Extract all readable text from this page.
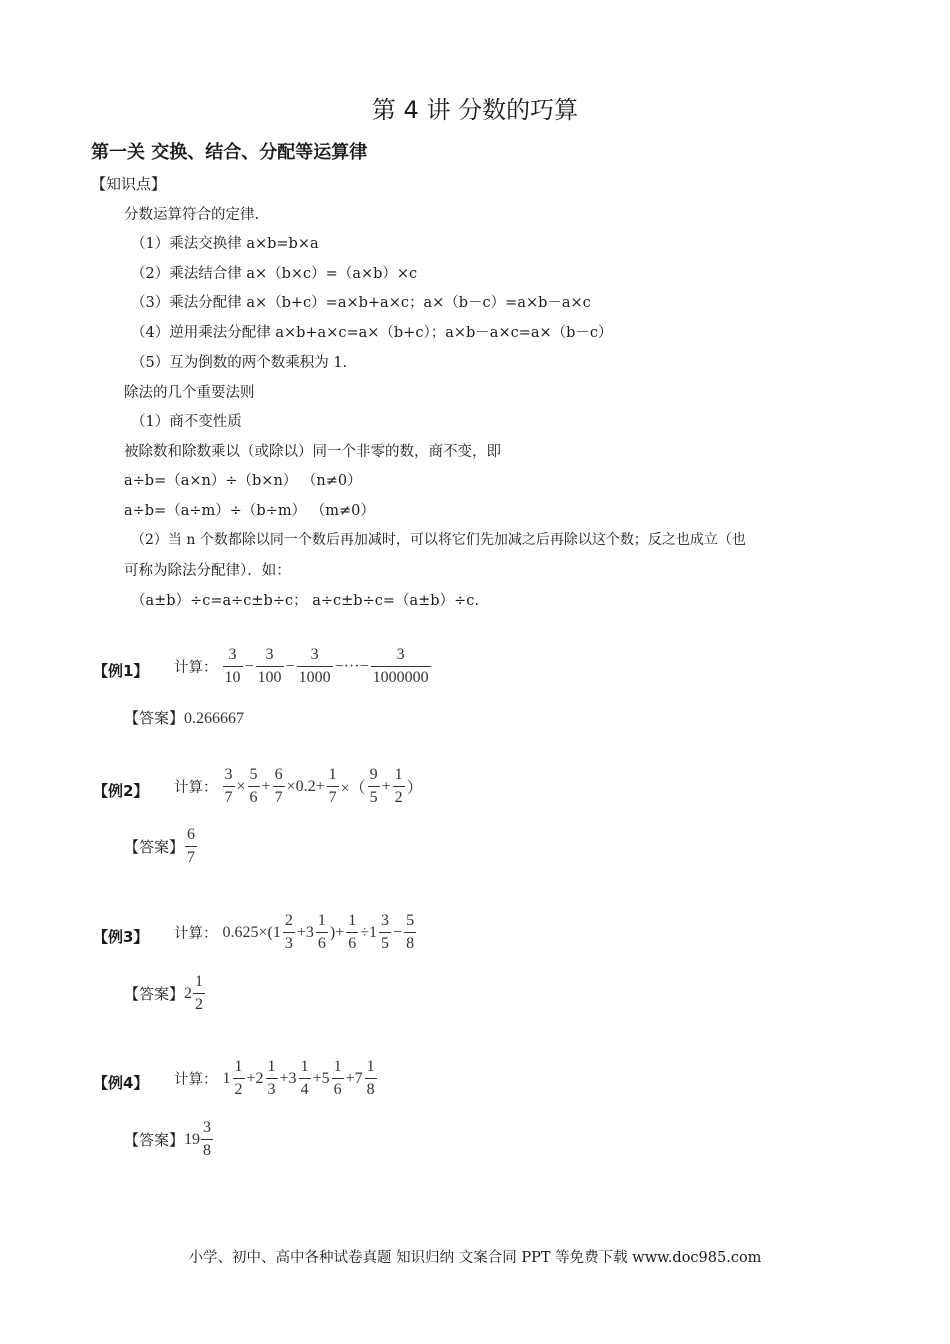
第 4 讲 分数的巧算
第一关 交换、结合、分配等运算律
【知识点】
分数运算符合的定律.
（1）乘法交换律 a×b=b×a
（2）乘法结合律 a×（b×c）=（a×b）×c
（3）乘法分配律 a×（b+c）=a×b+a×c；a×（b－c）=a×b－a×c
（4）逆用乘法分配律 a×b+a×c=a×（b+c）；a×b－a×c=a×（b－c）
（5）互为倒数的两个数乘积为 1.
除法的几个重要法则
（1）商不变性质
被除数和除数乘以（或除以）同一个非零的数，商不变，即
a÷b=（a×n）÷（b×n） （n≠0）
a÷b=（a÷m）÷（b÷m） （m≠0）
（2）当 n 个数都除以同一个数后再加减时，可以将它们先加减之后再除以这个数；反之也成立（也
可称为除法分配律）．如：
（a±b）÷c=a÷c±b÷c； a÷c±b÷c=（a±b）÷c.
【例1】 计算： $\frac{3}{10} - \frac{3}{100} - \frac{3}{1000}$ −···− $\frac{3}{1000000}$
【答案】0.266667
【例2】 计算： $\frac{3}{7} \times \frac{5}{6} + \frac{6}{7} \times 0.2+ \frac{1}{7}$ ×（ $\frac{9}{5} + \frac{1}{2}$ ）
【答案】 $\frac{6}{7}$
【例3】 计算： $0.625\times(1 \frac{2}{3} +3 \frac{1}{6}$ )+ $\frac{1}{6} \div 1 \frac{3}{5} - \frac{5}{8}$
【答案】 $2 \frac{1}{2}$
【例4】 计算： $1 \frac{1}{2} +2 \frac{1}{3} +3 \frac{1}{4} +5 \frac{1}{6} +7 \frac{1}{8}$
【答案】 $19 \frac{3}{8}$
小学、初中、高中各种试卷真题 知识归纳 文案合同 PPT 等免费下载 www.doc985.com
